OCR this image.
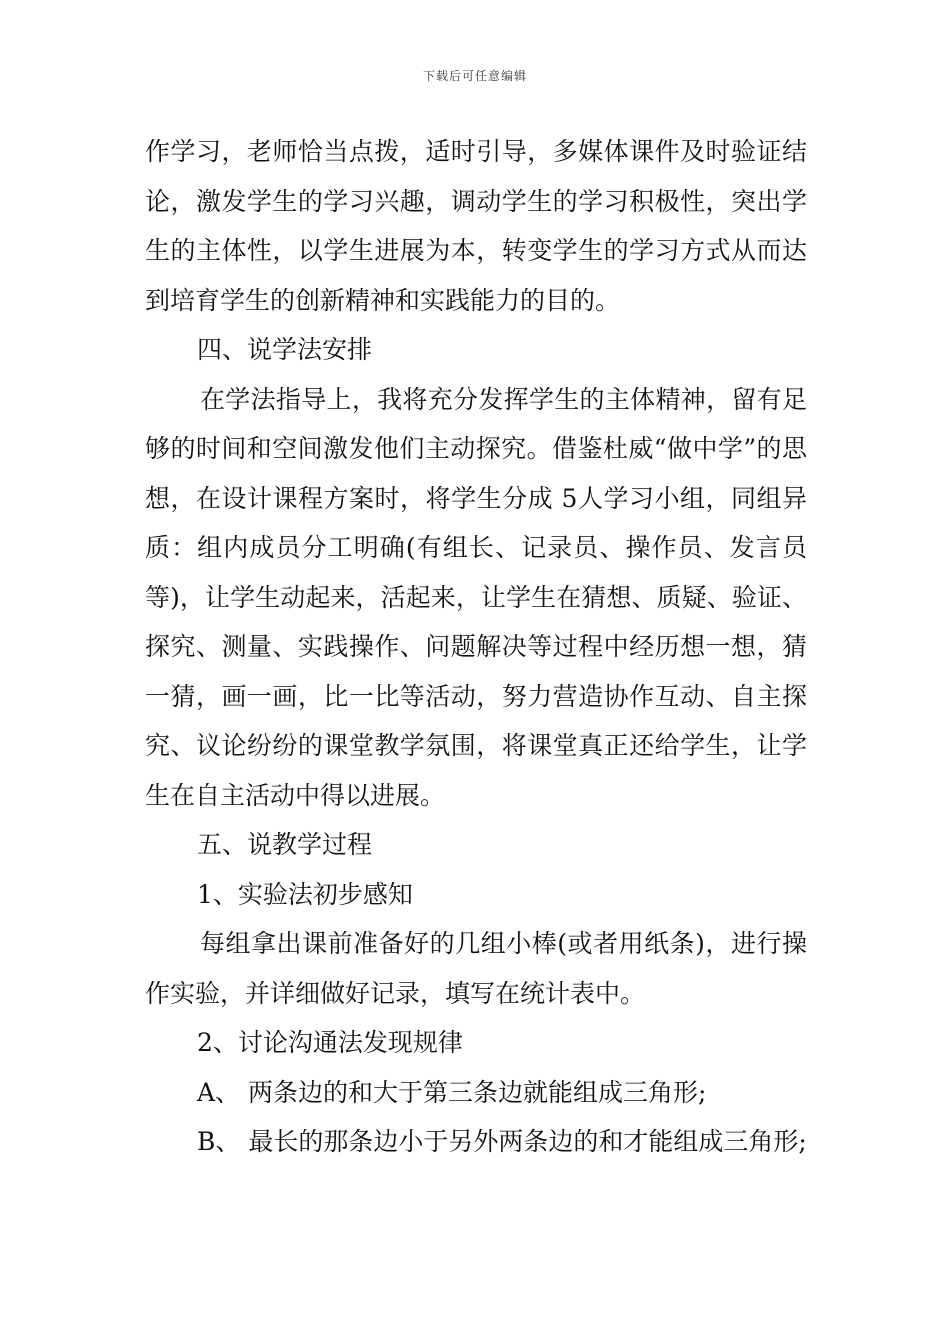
下载后可任意编辑

作学习，老师恰当点拨，适时引导，多媒体课件及时验证结论，激发学生的学习兴趣，调动学生的学习积极性，突出学生的主体性，以学生进展为本，转变学生的学习方式从而达到培育学生的创新精神和实践能力的目的。

四、说学法安排

在学法指导上，我将充分发挥学生的主体精神，留有足够的时间和空间激发他们主动探究。借鉴杜威“做中学”的思想，在设计课程方案时，将学生分成 5人学习小组，同组异质：组内成员分工明确(有组长、记录员、操作员、发言员等)，让学生动起来，活起来，让学生在猜想、质疑、验证、探究、测量、实践操作、问题解决等过程中经历想一想，猜一猜，画一画，比一比等活动，努力营造协作互动、自主探究、议论纷纷的课堂教学氛围，将课堂真正还给学生，让学生在自主活动中得以进展。

五、说教学过程

1、实验法初步感知

每组拿出课前准备好的几组小棒(或者用纸条)，进行操作实验，并详细做好记录，填写在统计表中。

2、讨论沟通法发现规律

A、 两条边的和大于第三条边就能组成三角形;

B、 最长的那条边小于另外两条边的和才能组成三角形;
